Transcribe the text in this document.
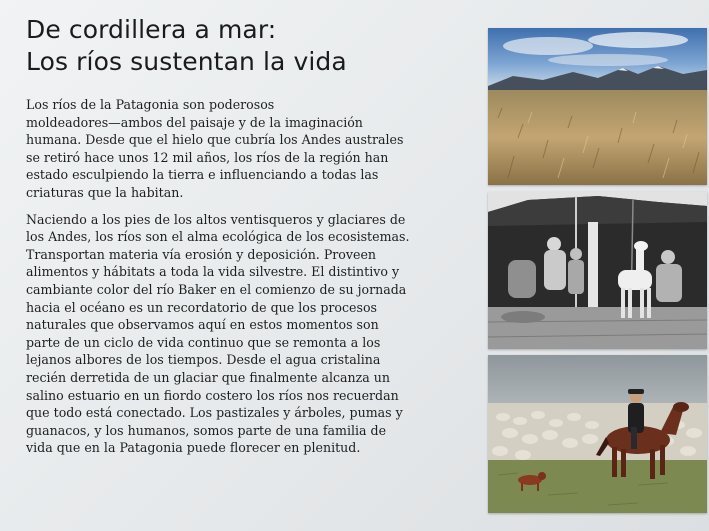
De cordillera a mar:
Los ríos sustentan la vida
Los ríos de la Patagonia son poderosos
moldeadores—ambos del paisaje y de la imaginación
humana. Desde que el hielo que cubría los Andes australes
se retiró hace unos 12 mil años, los ríos de la región han
estado esculpiendo la tierra e influenciando a todas las
criaturas que la habitan.
Naciendo a los pies de los altos ventisqueros y glaciares de
los Andes, los ríos son el alma ecológica de los ecosistemas.
Transportan materia vía erosión y deposición. Proveen
alimentos y hábitats a toda la vida silvestre. El distintivo y
cambiante color del río Baker en el comienzo de su jornada
hacia el océano es un recordatorio de que los procesos
naturales que observamos aquí en estos momentos son
parte de un ciclo de vida continuo que se remonta a los
lejanos albores de los tiempos. Desde el agua cristalina
recién derretida de un glaciar que finalmente alcanza un
salino estuario en un fiordo costero los ríos nos recuerdan
que todo está conectado. Los pastizales y árboles, pumas y
guanacos, y los humanos, somos parte de una familia de
vida que en la Patagonia puede florecer en plenitud.
